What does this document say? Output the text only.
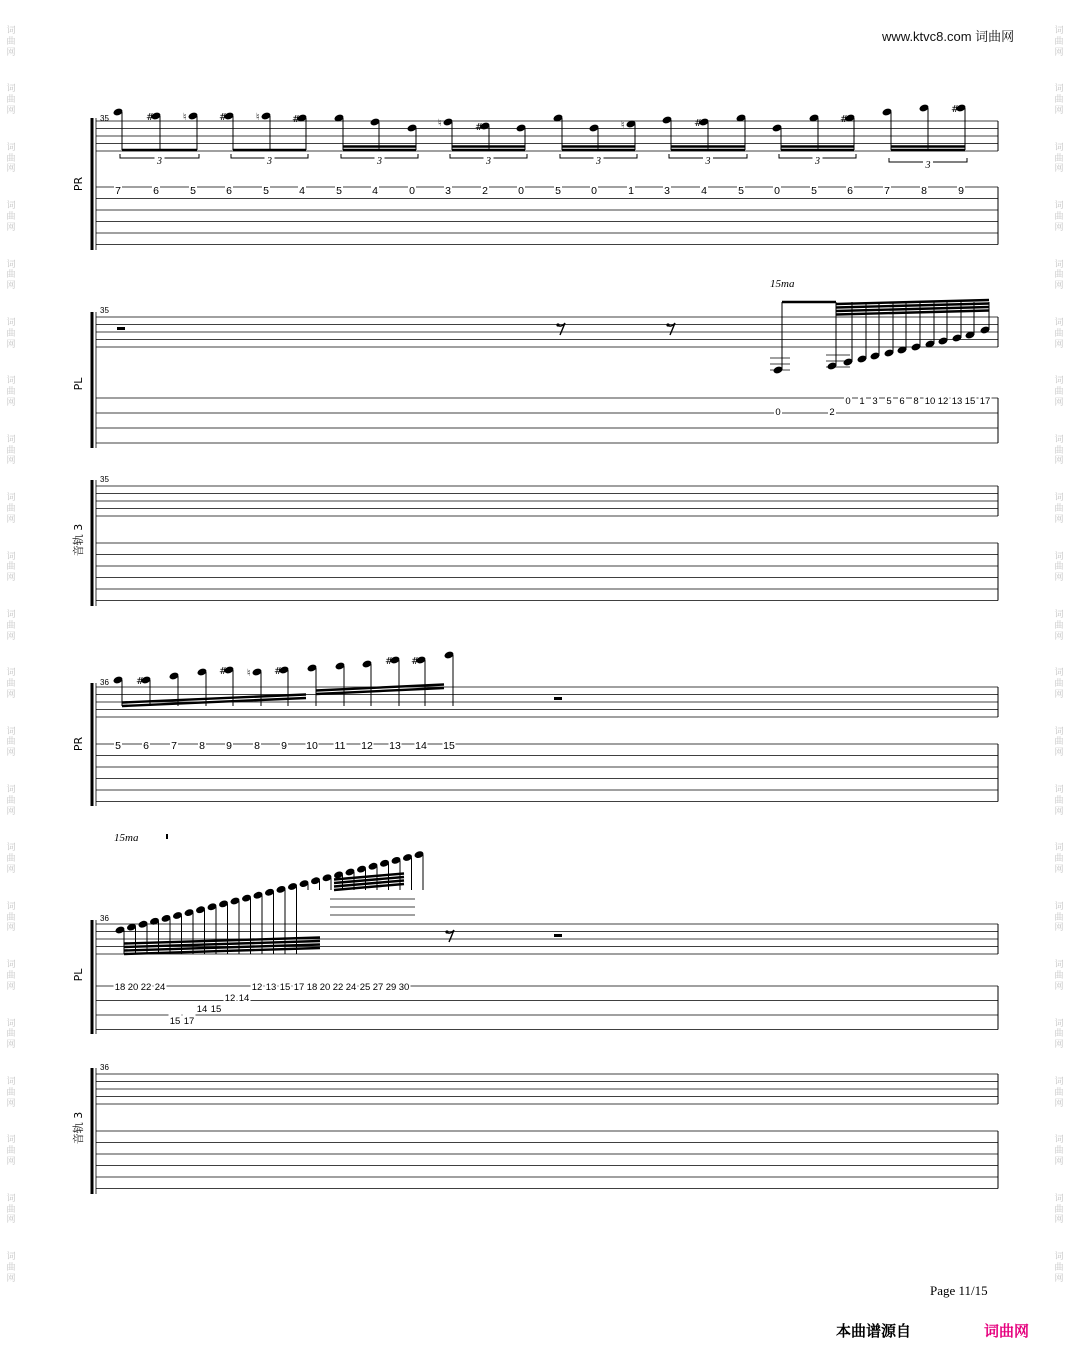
词
曲
网
词
曲
网
词
曲
网
词
曲
网
词
曲
网
词
曲
网
词
曲
网
词
曲
网
词
曲
网
词
曲
网
词
曲
网
词
曲
网
词
曲
网
词
曲
网
词
曲
网
词
曲
网
词
曲
网
词
曲
网
词
曲
网
词
曲
网
词
曲
网
词
曲
网
词
曲
网
词
曲
网
词
曲
网
词
曲
网
词
曲
网
词
曲
网
词
曲
网
词
曲
网
词
曲
网
词
曲
网
词
曲
网
词
曲
网
词
曲
网
词
曲
网
词
曲
网
词
曲
网
词
曲
网
词
曲
网
词
曲
网
词
曲
网
词
曲
网
词
曲
网
www.ktvc8.com 词曲网
35
PR	7
#
6
♮
5
#
6
♮
5
#
4	5	4	0
♮
3
#
2	0	5	0
♮
1	3
#
4	5	0	5
#
6	7	8
#
9
3	3	3	3	3	3	3	3
35
PL
15ma
0	2
0 1 3 5 6 8 10 12 13 15 17
35
音轨 3
36
PR	5
#
6 7 8
#
9
♮
8
#
9 10 11 12
#
13
#
14 15
15ma
36
PL
18 20 22 24	12 13 15 17 18 20 22 24 25 27 29 30
14 15
12 14
15 17
36
音轨 3
Page 11/15
本曲谱源自	词曲网
